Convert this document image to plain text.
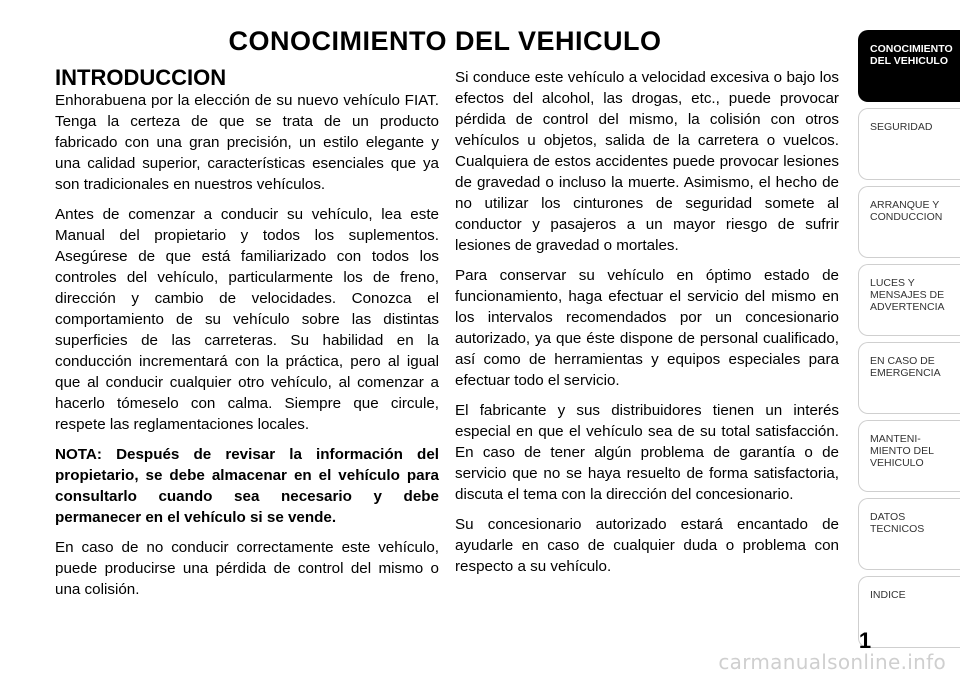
CONOCIMIENTO DEL VEHICULO
INTRODUCCION

Enhorabuena por la elección de su nuevo vehículo FIAT. Tenga la certeza de que se trata de un producto fabricado con una gran precisión, un estilo elegante y una calidad superior, características esenciales que ya son tradicionales en nuestros vehículos.

Antes de comenzar a conducir su vehículo, lea este Manual del propietario y todos los suplementos. Asegúrese de que está familiarizado con todos los controles del vehículo, particularmente los de freno, dirección y cambio de velocidades. Conozca el comportamiento de su vehículo sobre las distintas superficies de las carreteras. Su habilidad en la conducción incrementará con la práctica, pero al igual que al conducir cualquier otro vehículo, al comenzar a hacerlo tómeselo con calma. Siempre que circule, respete las reglamentaciones locales.

NOTA: Después de revisar la información del propietario, se debe almacenar en el vehículo para consultarlo cuando sea necesario y debe permanecer en el vehículo si se vende.

En caso de no conducir correctamente este vehículo, puede producirse una pérdida de control del mismo o una colisión.

Si conduce este vehículo a velocidad excesiva o bajo los efectos del alcohol, las drogas, etc., puede provocar pérdida de control del mismo, la colisión con otros vehículos u objetos, salida de la carretera o vuelcos. Cualquiera de estos accidentes puede provocar lesiones de gravedad o incluso la muerte. Asimismo, el hecho de no utilizar los cinturones de seguridad somete al conductor y pasajeros a un mayor riesgo de sufrir lesiones de gravedad o mortales.

Para conservar su vehículo en óptimo estado de funcionamiento, haga efectuar el servicio del mismo en los intervalos recomendados por un concesionario autorizado, ya que éste dispone de personal cualificado, así como de herramientas y equipos especiales para efectuar todo el servicio.

El fabricante y sus distribuidores tienen un interés especial en que el vehículo sea de su total satisfacción. En caso de tener algún problema de garantía o de servicio que no se haya resuelto de forma satisfactoria, discuta el tema con la dirección del concesionario.

Su concesionario autorizado estará encantado de ayudarle en caso de cualquier duda o problema con respecto a su vehículo.

CONOCIMIENTO
DEL VEHICULO
SEGURIDAD
ARRANQUE Y
CONDUCCION
LUCES Y
MENSAJES DE
ADVERTENCIA
EN CASO DE
EMERGENCIA
MANTENI-
MIENTO DEL
VEHICULO
DATOS
TECNICOS
INDICE
1
carmanualsonline.info
